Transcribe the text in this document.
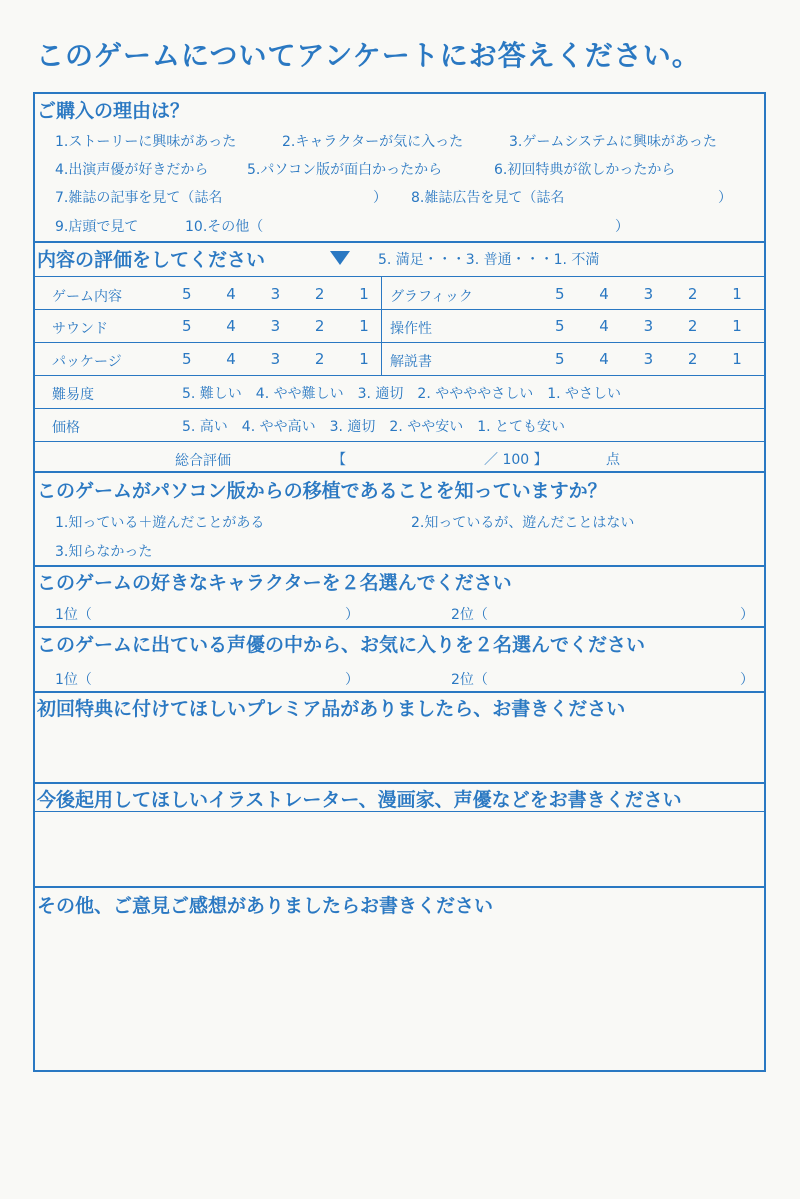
このゲームについてアンケートにお答えください。
ご購入の理由は？
1.ストーリーに興味があった	2.キャラクターが気に入った	3.ゲームシステムに興味があった
4.出演声優が好きだから	5.パソコン版が面白かったから	6.初回特典が欲しかったから
7.雑誌の記事を見て（誌名	） 8.雑誌広告を見て（誌名	）
9.店頭で見て	10.その他（	）
内容の評価をしてください	5. 満足・・・3. 普通・・・1. 不満
ゲーム内容	5 4 3 2 1 グラフィック	5 4 3 2 1
サウンド	5 4 3 2 1 操作性	5 4 3 2 1
パッケージ	5 4 3 2 1 解説書	5 4 3 2 1
難易度	5. 難しい　4. やや難しい　3. 適切　2. ややややさしい　1. やさしい
価格	5. 高い　4. やや高い　3. 適切　2. やや安い　1. とても安い
総合評価	【	／ 100 】	点
このゲームがパソコン版からの移植であることを知っていますか？
1.知っている＋遊んだことがある	2.知っているが、遊んだことはない
3.知らなかった
このゲームの好きなキャラクターを２名選んでください
1位（	）	2位（	）
このゲームに出ている声優の中から、お気に入りを２名選んでください
1位（	）	2位（	）
初回特典に付けてほしいプレミア品がありましたら、お書きください
今後起用してほしいイラストレーター、漫画家、声優などをお書きください
その他、ご意見ご感想がありましたらお書きください
